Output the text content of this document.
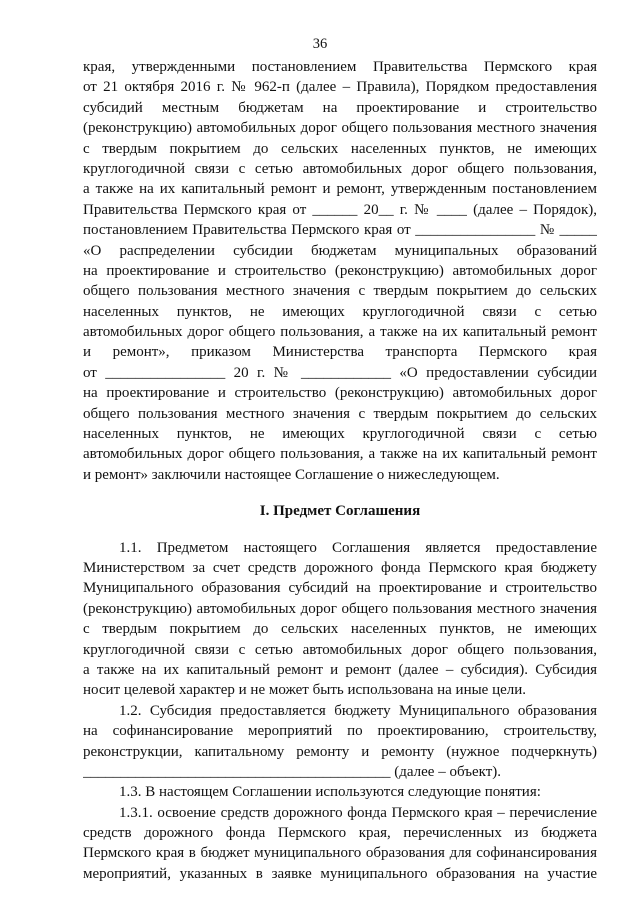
36
края, утвержденными постановлением Правительства Пермского края
от 21 октября 2016 г. № 962-п (далее – Правила), Порядком предоставления
субсидий местным бюджетам на проектирование и строительство
(реконструкцию) автомобильных дорог общего пользования местного значения
с твердым покрытием до сельских населенных пунктов, не имеющих
круглогодичной связи с сетью автомобильных дорог общего пользования,
а также на их капитальный ремонт и ремонт, утвержденным постановлением
Правительства Пермского края от ______ 20__ г. № ____ (далее – Порядок),
постановлением Правительства Пермского края от ________________ № _____
«О распределении субсидии бюджетам муниципальных образований
на проектирование и строительство (реконструкцию) автомобильных дорог
общего пользования местного значения с твердым покрытием до сельских
населенных пунктов, не имеющих круглогодичной связи с сетью
автомобильных дорог общего пользования, а также на их капитальный ремонт
и ремонт», приказом Министерства транспорта Пермского края
от ________________ 20 г. № ____________ «О предоставлении субсидии
на проектирование и строительство (реконструкцию) автомобильных дорог
общего пользования местного значения с твердым покрытием до сельских
населенных пунктов, не имеющих круглогодичной связи с сетью
автомобильных дорог общего пользования, а также на их капитальный ремонт
и ремонт» заключили настоящее Соглашение о нижеследующем.
I. Предмет Соглашения
1.1. Предметом настоящего Соглашения является предоставление
Министерством за счет средств дорожного фонда Пермского края бюджету
Муниципального образования субсидий на проектирование и строительство
(реконструкцию) автомобильных дорог общего пользования местного значения
с твердым покрытием до сельских населенных пунктов, не имеющих
круглогодичной связи с сетью автомобильных дорог общего пользования,
а также на их капитальный ремонт и ремонт (далее – субсидия). Субсидия
носит целевой характер и не может быть использована на иные цели.
1.2. Субсидия предоставляется бюджету Муниципального образования
на софинансирование мероприятий по проектированию, строительству,
реконструкции, капитальному ремонту и ремонту (нужное подчеркнуть)
_________________________________________ (далее – объект).
1.3. В настоящем Соглашении используются следующие понятия:
1.3.1. освоение средств дорожного фонда Пермского края – перечисление
средств дорожного фонда Пермского края, перечисленных из бюджета
Пермского края в бюджет муниципального образования для софинансирования
мероприятий, указанных в заявке муниципального образования на участие
